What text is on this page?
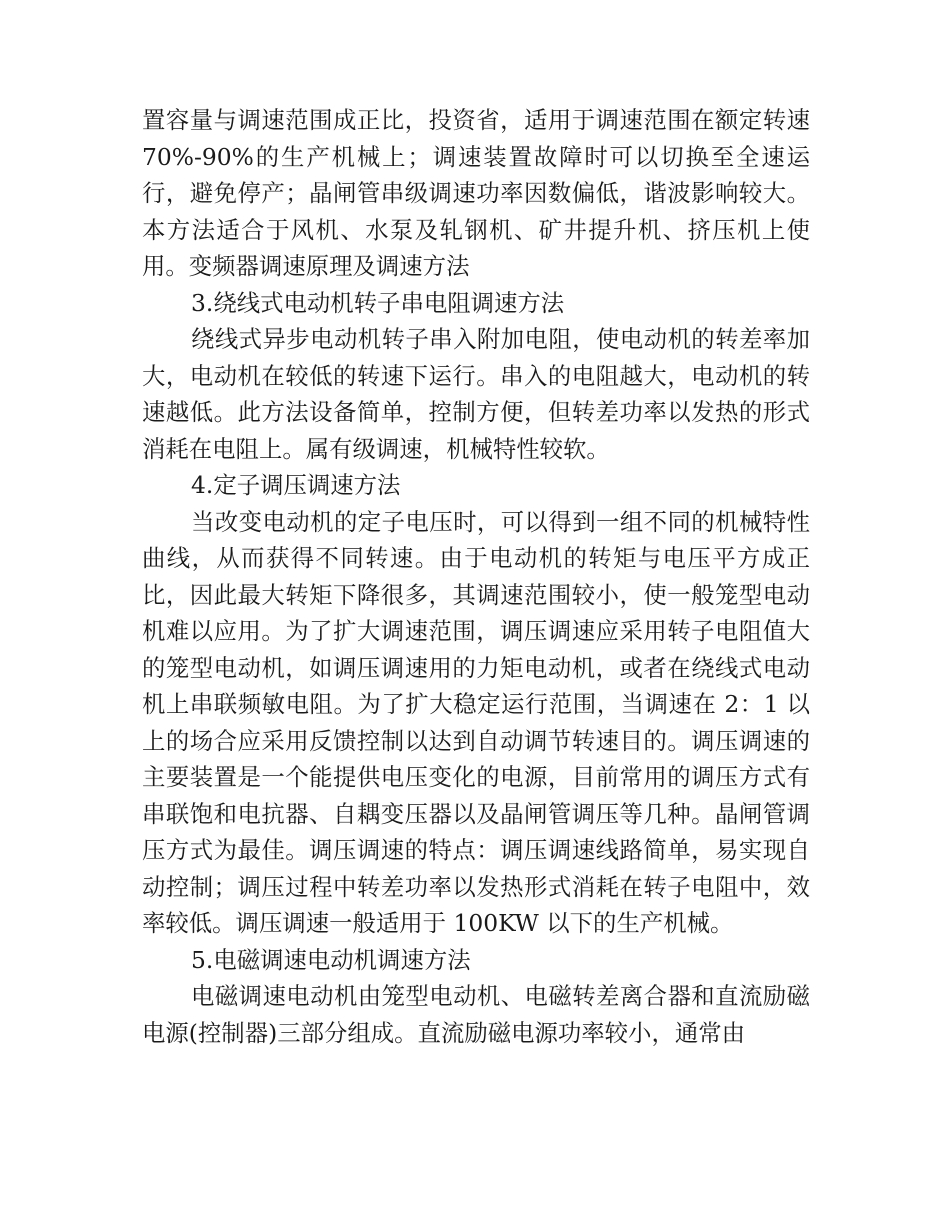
置容量与调速范围成正比，投资省，适用于调速范围在额定转速 70%-90%的生产机械上；调速装置故障时可以切换至全速运行，避免停产；晶闸管串级调速功率因数偏低，谐波影响较大。本方法适合于风机、水泵及轧钢机、矿井提升机、挤压机上使用。变频器调速原理及调速方法

3.绕线式电动机转子串电阻调速方法

绕线式异步电动机转子串入附加电阻，使电动机的转差率加大，电动机在较低的转速下运行。串入的电阻越大，电动机的转速越低。此方法设备简单，控制方便，但转差功率以发热的形式消耗在电阻上。属有级调速，机械特性较软。

4.定子调压调速方法

当改变电动机的定子电压时，可以得到一组不同的机械特性曲线，从而获得不同转速。由于电动机的转矩与电压平方成正比，因此最大转矩下降很多，其调速范围较小，使一般笼型电动机难以应用。为了扩大调速范围，调压调速应采用转子电阻值大的笼型电动机，如调压调速用的力矩电动机，或者在绕线式电动机上串联频敏电阻。为了扩大稳定运行范围，当调速在 2：1 以上的场合应采用反馈控制以达到自动调节转速目的。调压调速的主要装置是一个能提供电压变化的电源，目前常用的调压方式有串联饱和电抗器、自耦变压器以及晶闸管调压等几种。晶闸管调压方式为最佳。调压调速的特点：调压调速线路简单，易实现自动控制；调压过程中转差功率以发热形式消耗在转子电阻中，效率较低。调压调速一般适用于 100KW 以下的生产机械。

5.电磁调速电动机调速方法

电磁调速电动机由笼型电动机、电磁转差离合器和直流励磁电源(控制器)三部分组成。直流励磁电源功率较小，通常由
